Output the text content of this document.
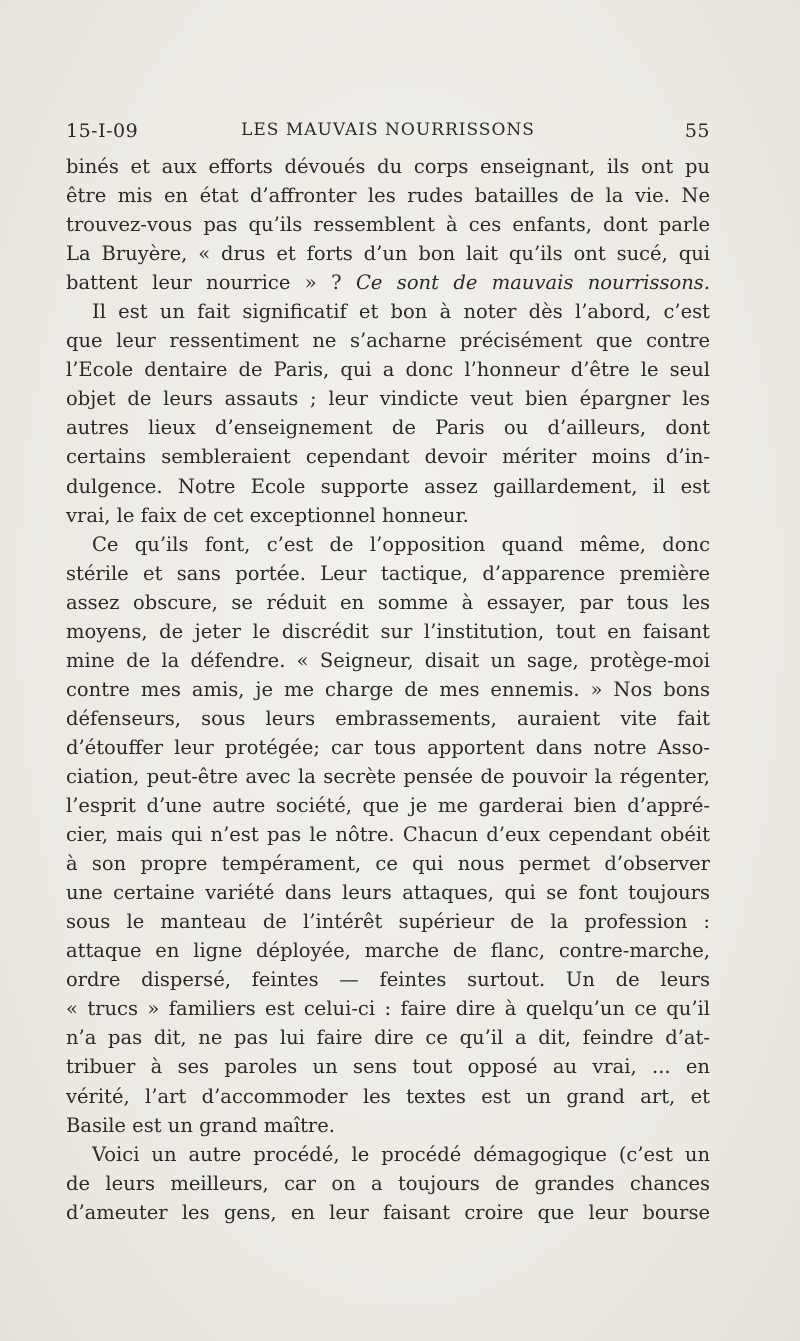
15-I-09	LES MAUVAIS NOURRISSONS	55
binés et aux efforts dévoués du corps enseignant, ils ont pu
être mis en état d’affronter les rudes batailles de la vie. Ne
trouvez-vous pas qu’ils ressemblent à ces enfants, dont parle
La Bruyère, « drus et forts d’un bon lait qu’ils ont sucé, qui
battent leur nourrice » ? Ce sont de mauvais nourrissons.
Il est un fait significatif et bon à noter dès l’abord, c’est
que leur ressentiment ne s’acharne précisément que contre
l’Ecole dentaire de Paris, qui a donc l’honneur d’être le seul
objet de leurs assauts ; leur vindicte veut bien épargner les
autres lieux d’enseignement de Paris ou d’ailleurs, dont
certains sembleraient cependant devoir mériter moins d’in-
dulgence. Notre Ecole supporte assez gaillardement, il est
vrai, le faix de cet exceptionnel honneur.
Ce qu’ils font, c’est de l’opposition quand même, donc
stérile et sans portée. Leur tactique, d’apparence première
assez obscure, se réduit en somme à essayer, par tous les
moyens, de jeter le discrédit sur l’institution, tout en faisant
mine de la défendre. « Seigneur, disait un sage, protège-moi
contre mes amis, je me charge de mes ennemis. » Nos bons
défenseurs, sous leurs embrassements, auraient vite fait
d’étouffer leur protégée; car tous apportent dans notre Asso-
ciation, peut-être avec la secrète pensée de pouvoir la régenter,
l’esprit d’une autre société, que je me garderai bien d’appré-
cier, mais qui n’est pas le nôtre. Chacun d’eux cependant obéit
à son propre tempérament, ce qui nous permet d’observer
une certaine variété dans leurs attaques, qui se font toujours
sous le manteau de l’intérêt supérieur de la profession :
attaque en ligne déployée, marche de flanc, contre-marche,
ordre dispersé, feintes — feintes surtout. Un de leurs
« trucs » familiers est celui-ci : faire dire à quelqu’un ce qu’il
n’a pas dit, ne pas lui faire dire ce qu’il a dit, feindre d’at-
tribuer à ses paroles un sens tout opposé au vrai, ... en
vérité, l’art d’accommoder les textes est un grand art, et
Basile est un grand maître.
Voici un autre procédé, le procédé démagogique (c’est un
de leurs meilleurs, car on a toujours de grandes chances
d’ameuter les gens, en leur faisant croire que leur bourse
